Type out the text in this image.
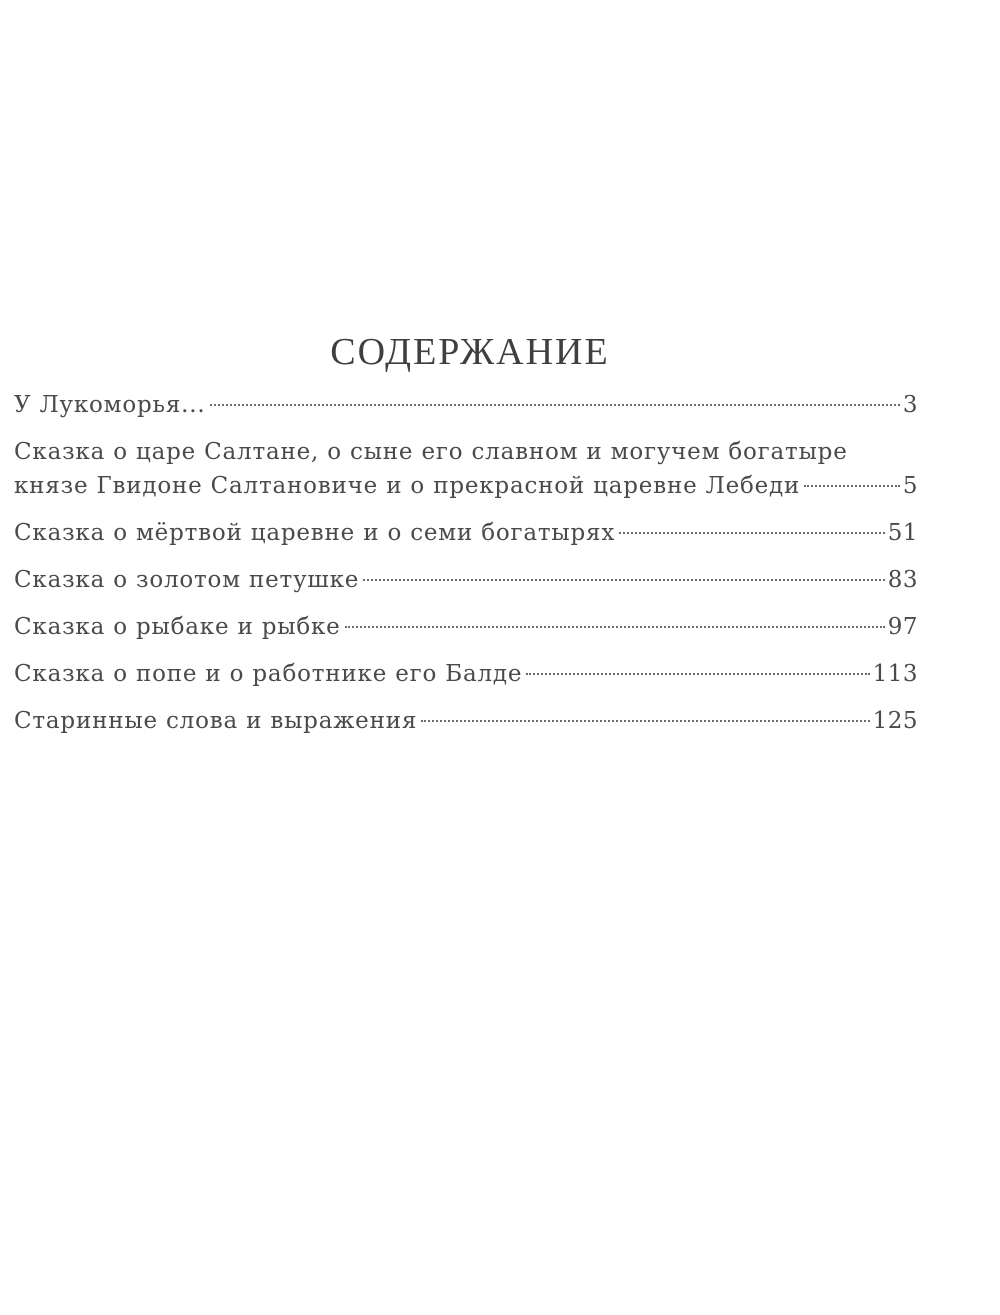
СОДЕРЖАНИЕ
У Лукоморья...	3
Сказка о царе Салтане, о сыне его славном и могучем богатыре
князе Гвидоне Салтановиче и о прекрасной царевне Лебеди	5
Сказка о мёртвой царевне и о семи богатырях	51
Сказка о золотом петушке	83
Сказка о рыбаке и рыбке	97
Сказка о попе и о работнике его Балде	113
Старинные слова и выражения	125
